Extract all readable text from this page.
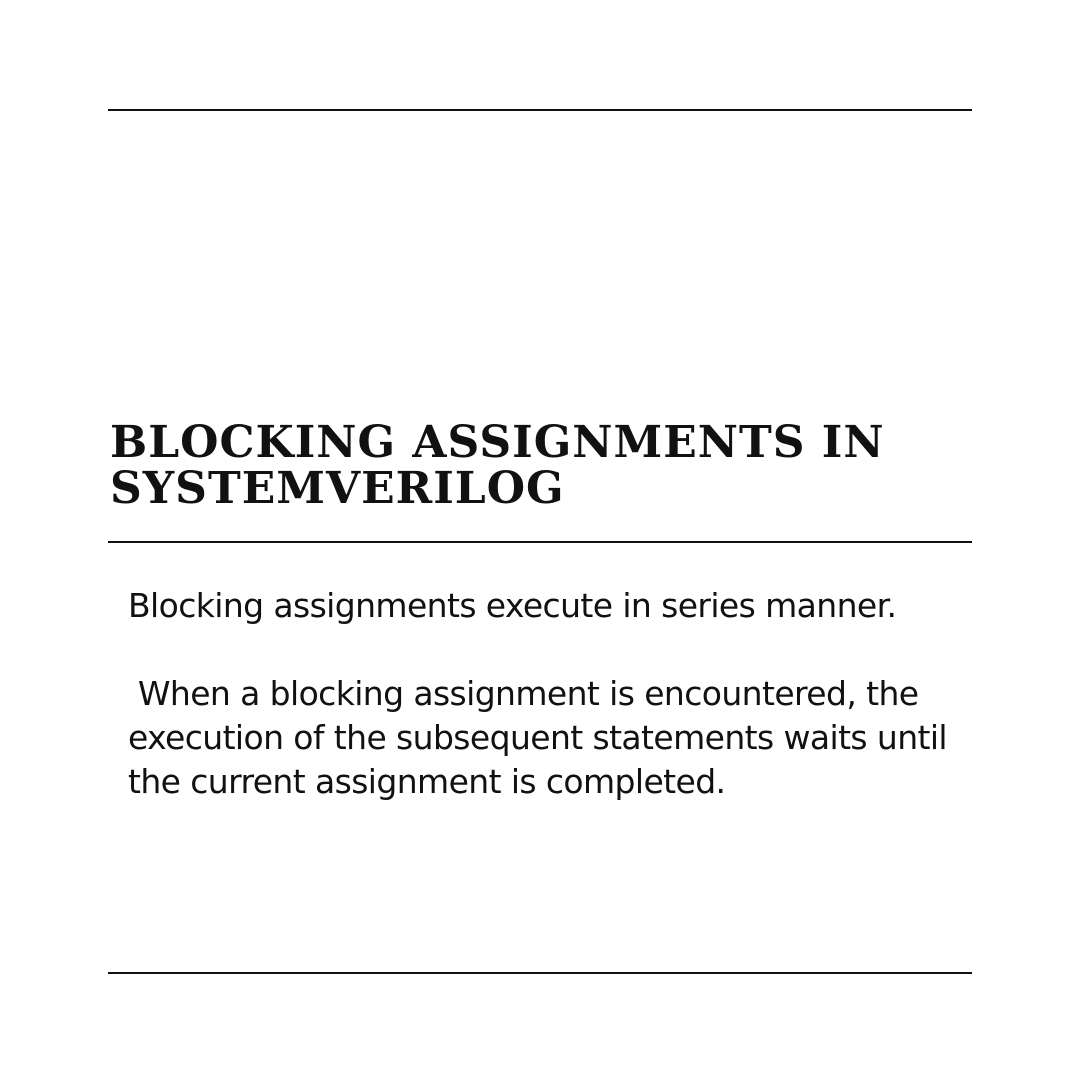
BLOCKING ASSIGNMENTS IN
SYSTEMVERILOG

Blocking assignments execute in series manner.

When a blocking assignment is encountered, the
execution of the subsequent statements waits until
the current assignment is completed.
